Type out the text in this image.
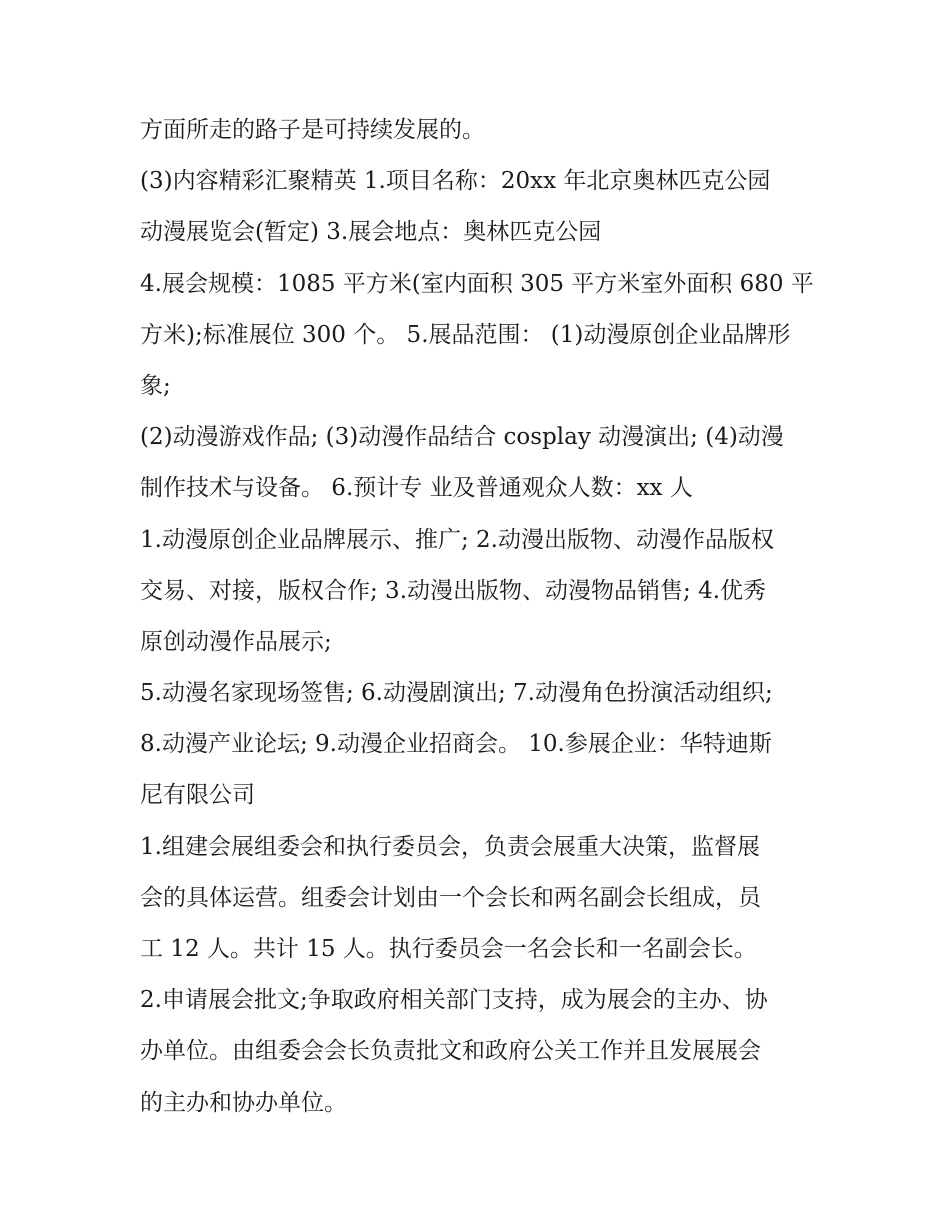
方面所走的路子是可持续发展的。
(3)内容精彩汇聚精英 1.项目名称：20xx 年北京奥林匹克公园
动漫展览会(暂定) 3.展会地点：奥林匹克公园
4.展会规模：1085 平方米(室内面积 305 平方米室外面积 680 平
方米);标准展位 300 个。 5.展品范围： (1)动漫原创企业品牌形
象;
(2)动漫游戏作品; (3)动漫作品结合 cosplay 动漫演出; (4)动漫
制作技术与设备。 6.预计专 业及普通观众人数：xx 人
1.动漫原创企业品牌展示、推广; 2.动漫出版物、动漫作品版权
交易、对接，版权合作; 3.动漫出版物、动漫物品销售; 4.优秀
原创动漫作品展示;
5.动漫名家现场签售; 6.动漫剧演出; 7.动漫角色扮演活动组织;
8.动漫产业论坛; 9.动漫企业招商会。 10.参展企业：华特迪斯
尼有限公司
1.组建会展组委会和执行委员会，负责会展重大决策，监督展
会的具体运营。组委会计划由一个会长和两名副会长组成，员
工 12 人。共计 15 人。执行委员会一名会长和一名副会长。
2.申请展会批文;争取政府相关部门支持，成为展会的主办、协
办单位。由组委会会长负责批文和政府公关工作并且发展展会
的主办和协办单位。
